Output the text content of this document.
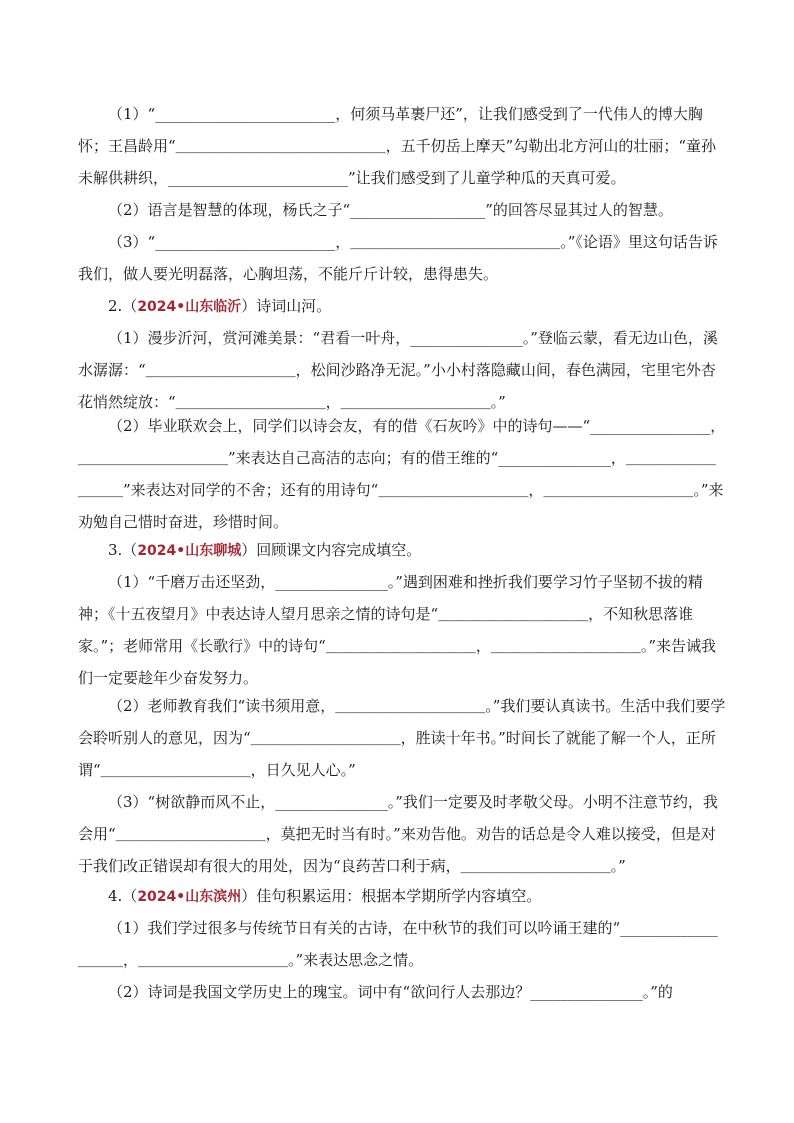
（1）“________________________，何须马革裹尸还”，让我们感受到了一代伟人的博大胸怀；王昌龄用“＿＿＿＿＿＿＿＿＿＿＿＿＿＿，五千仞岳上摩天”勾勒出北方河山的壮丽；“童孙未解供耕织，________________________”让我们感受到了儿童学种瓜的天真可爱。

（2）语言是智慧的体现，杨氏之子“__________________”的回答尽显其过人的智慧。

（3）“________________________，＿＿＿＿＿＿＿＿＿＿＿＿＿＿。”《论语》里这句话告诉我们，做人要光明磊落，心胸坦荡，不能斤斤计较，患得患失。

2.（2024•山东临沂）诗词山河。

（1）漫步沂河，赏河滩美景：“君看一叶舟，_______________。”登临云蒙，看无边山色，溪水潺潺：“＿＿＿＿＿＿＿＿＿＿，松间沙路净无泥。”小小村落隐藏山间，春色满园，宅里宅外杏花悄然绽放：“＿＿＿＿＿＿＿＿＿＿，＿＿＿＿＿＿＿＿＿＿。”

（2）毕业联欢会上，同学们以诗会友，有的借《石灰吟》中的诗句——“________________，＿＿＿＿＿＿＿＿＿＿”来表达自己高洁的志向；有的借王维的“_______________，＿＿＿＿＿＿＿＿＿”来表达对同学的不舍；还有的用诗句“＿＿＿＿＿＿＿＿＿＿，＿＿＿＿＿＿＿＿＿＿。”来劝勉自己惜时奋进，珍惜时间。

3.（2024•山东聊城）回顾课文内容完成填空。

（1）“千磨万击还坚劲，_______________。”遇到困难和挫折我们要学习竹子坚韧不拔的精神；《十五夜望月》中表达诗人望月思亲之情的诗句是“＿＿＿＿＿＿＿＿＿＿，不知秋思落谁家。”；老师常用《长歌行》中的诗句“＿＿＿＿＿＿＿＿＿＿，＿＿＿＿＿＿＿＿＿＿。”来告诫我们一定要趁年少奋发努力。

（2）老师教育我们“读书须用意，＿＿＿＿＿＿＿＿＿＿。”我们要认真读书。生活中我们要学会聆听别人的意见，因为“＿＿＿＿＿＿＿＿＿＿，胜读十年书。”时间长了就能了解一个人，正所谓“＿＿＿＿＿＿＿＿＿＿，日久见人心。”

（3）“树欲静而风不止，_______________。”我们一定要及时孝敬父母。小明不注意节约，我会用“＿＿＿＿＿＿＿＿＿＿，莫把无时当有时。”来劝告他。劝告的话总是令人难以接受，但是对于我们改正错误却有很大的用处，因为“良药苦口利于病，＿＿＿＿＿＿＿＿＿＿。”

4.（2024•山东滨州）佳句积累运用：根据本学期所学内容填空。

（1）我们学过很多与传统节日有关的古诗，在中秋节的我们可以吟诵王建的“_____________＿＿＿，＿＿＿＿＿＿＿＿＿＿。”来表达思念之情。

（2）诗词是我国文学历史上的瑰宝。词中有“欲问行人去那边？_______________。”的
